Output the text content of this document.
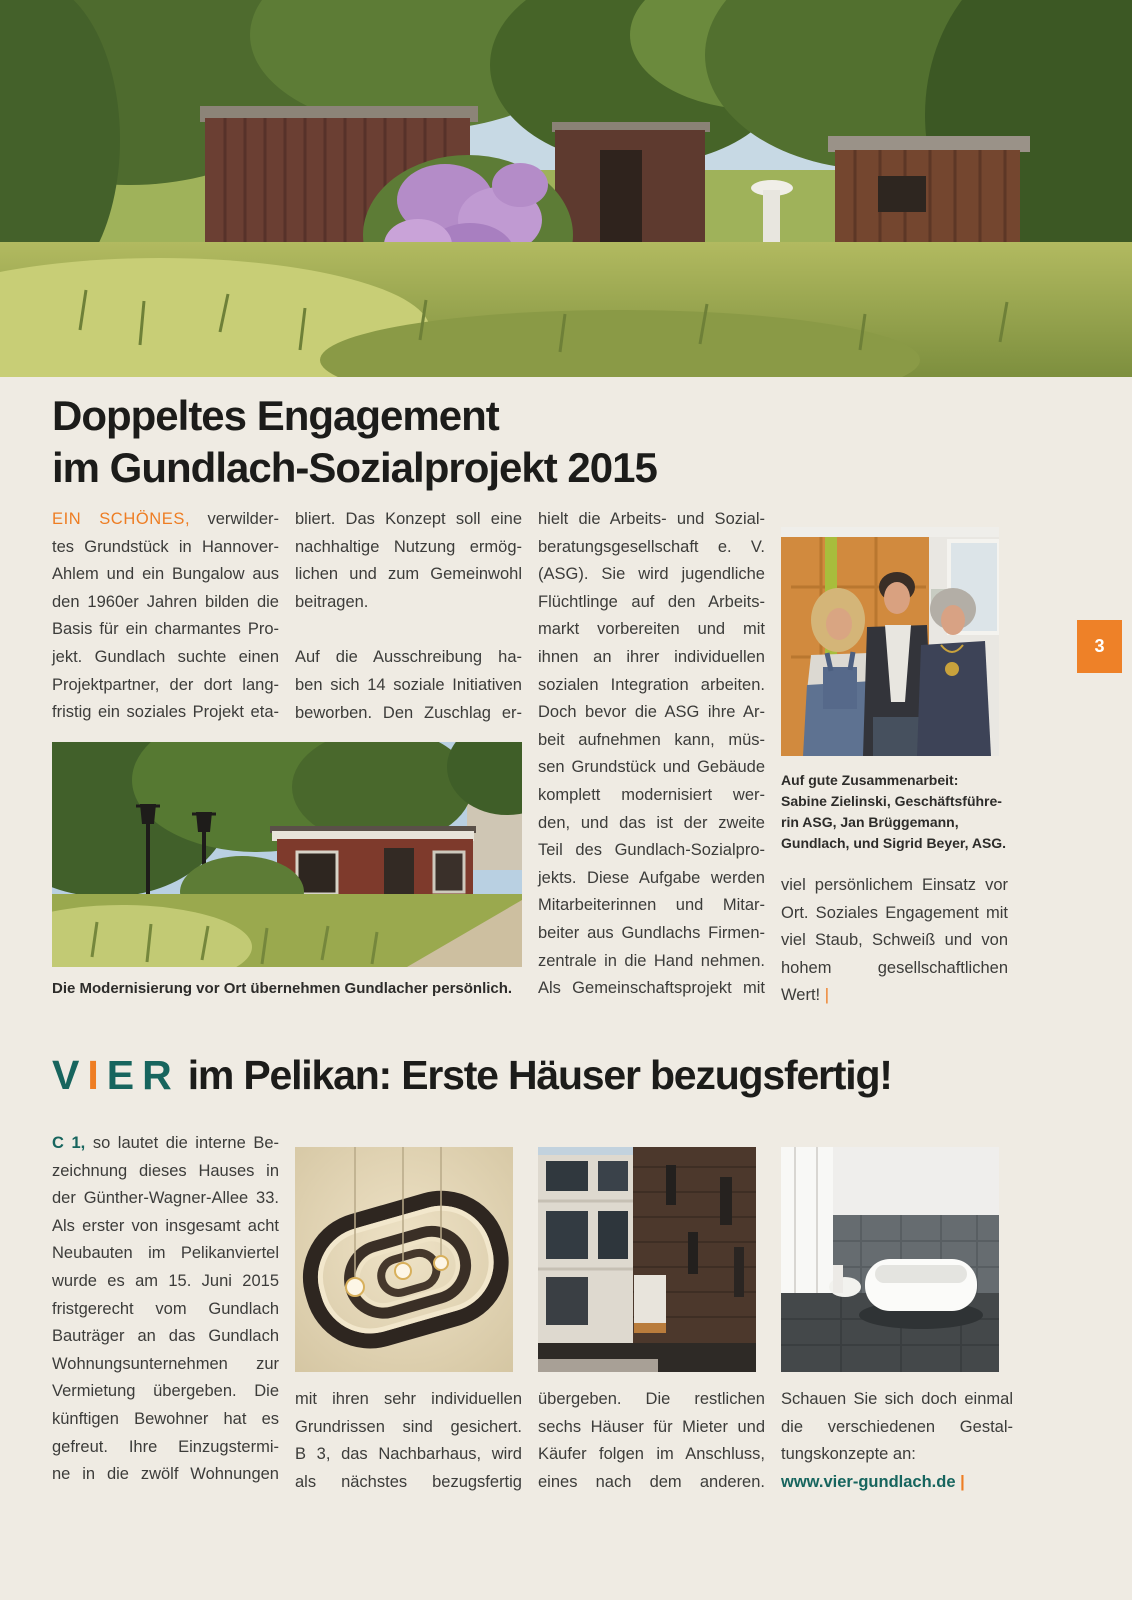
Doppeltes Engagement
im Gundlach-Sozialprojekt 2015
EIN SCHÖNES, verwilder-
tes Grundstück in Hannover-
Ahlem und ein Bungalow aus
den 1960er Jahren bilden die
Basis für ein charmantes Pro-
jekt. Gundlach suchte einen
Projektpartner, der dort lang-
fristig ein soziales Projekt eta-
bliert. Das Konzept soll eine
nachhaltige Nutzung ermög-
lichen und zum Gemeinwohl
beitragen.
Auf die Ausschreibung ha-
ben sich 14 soziale Initiativen
beworben. Den Zuschlag er-
hielt die Arbeits- und Sozial-
beratungsgesellschaft e. V.
(ASG). Sie wird jugendliche
Flüchtlinge auf den Arbeits-
markt vorbereiten und mit
ihnen an ihrer individuellen
sozialen Integration arbeiten.
Doch bevor die ASG ihre Ar-
beit aufnehmen kann, müs-
sen Grundstück und Gebäude
komplett modernisiert wer-
den, und das ist der zweite
Teil des Gundlach-Sozialpro-
jekts. Diese Aufgabe werden
Mitarbeiterinnen und Mitar-
beiter aus Gundlachs Firmen-
zentrale in die Hand nehmen.
Als Gemeinschaftsprojekt mit
Auf gute Zusammenarbeit:
Sabine Zielinski, Geschäftsführe-
rin ASG, Jan Brüggemann,
Gundlach, und Sigrid Beyer, ASG.
viel persönlichem Einsatz vor
Ort. Soziales Engagement mit
viel Staub, Schweiß und von
hohem gesellschaftlichen
Wert! |
Die Modernisierung vor Ort übernehmen Gundlacher persönlich.
3
V I E R im Pelikan: Erste Häuser bezugsfertig!
C 1, so lautet die interne Be-
zeichnung dieses Hauses in
der Günther-Wagner-Allee 33.
Als erster von insgesamt acht
Neubauten im Pelikanviertel
wurde es am 15. Juni 2015
fristgerecht vom Gundlach
Bauträger an das Gundlach
Wohnungsunternehmen zur
Vermietung übergeben. Die
künftigen Bewohner hat es
gefreut. Ihre Einzugstermi-
ne in die zwölf Wohnungen
mit ihren sehr individuellen
Grundrissen sind gesichert.
B 3, das Nachbarhaus, wird
als nächstes bezugsfertig
übergeben. Die restlichen
sechs Häuser für Mieter und
Käufer folgen im Anschluss,
eines nach dem anderen.
Schauen Sie sich doch einmal
die verschiedenen Gestal-
tungskonzepte an:
www.vier-gundlach.de |
